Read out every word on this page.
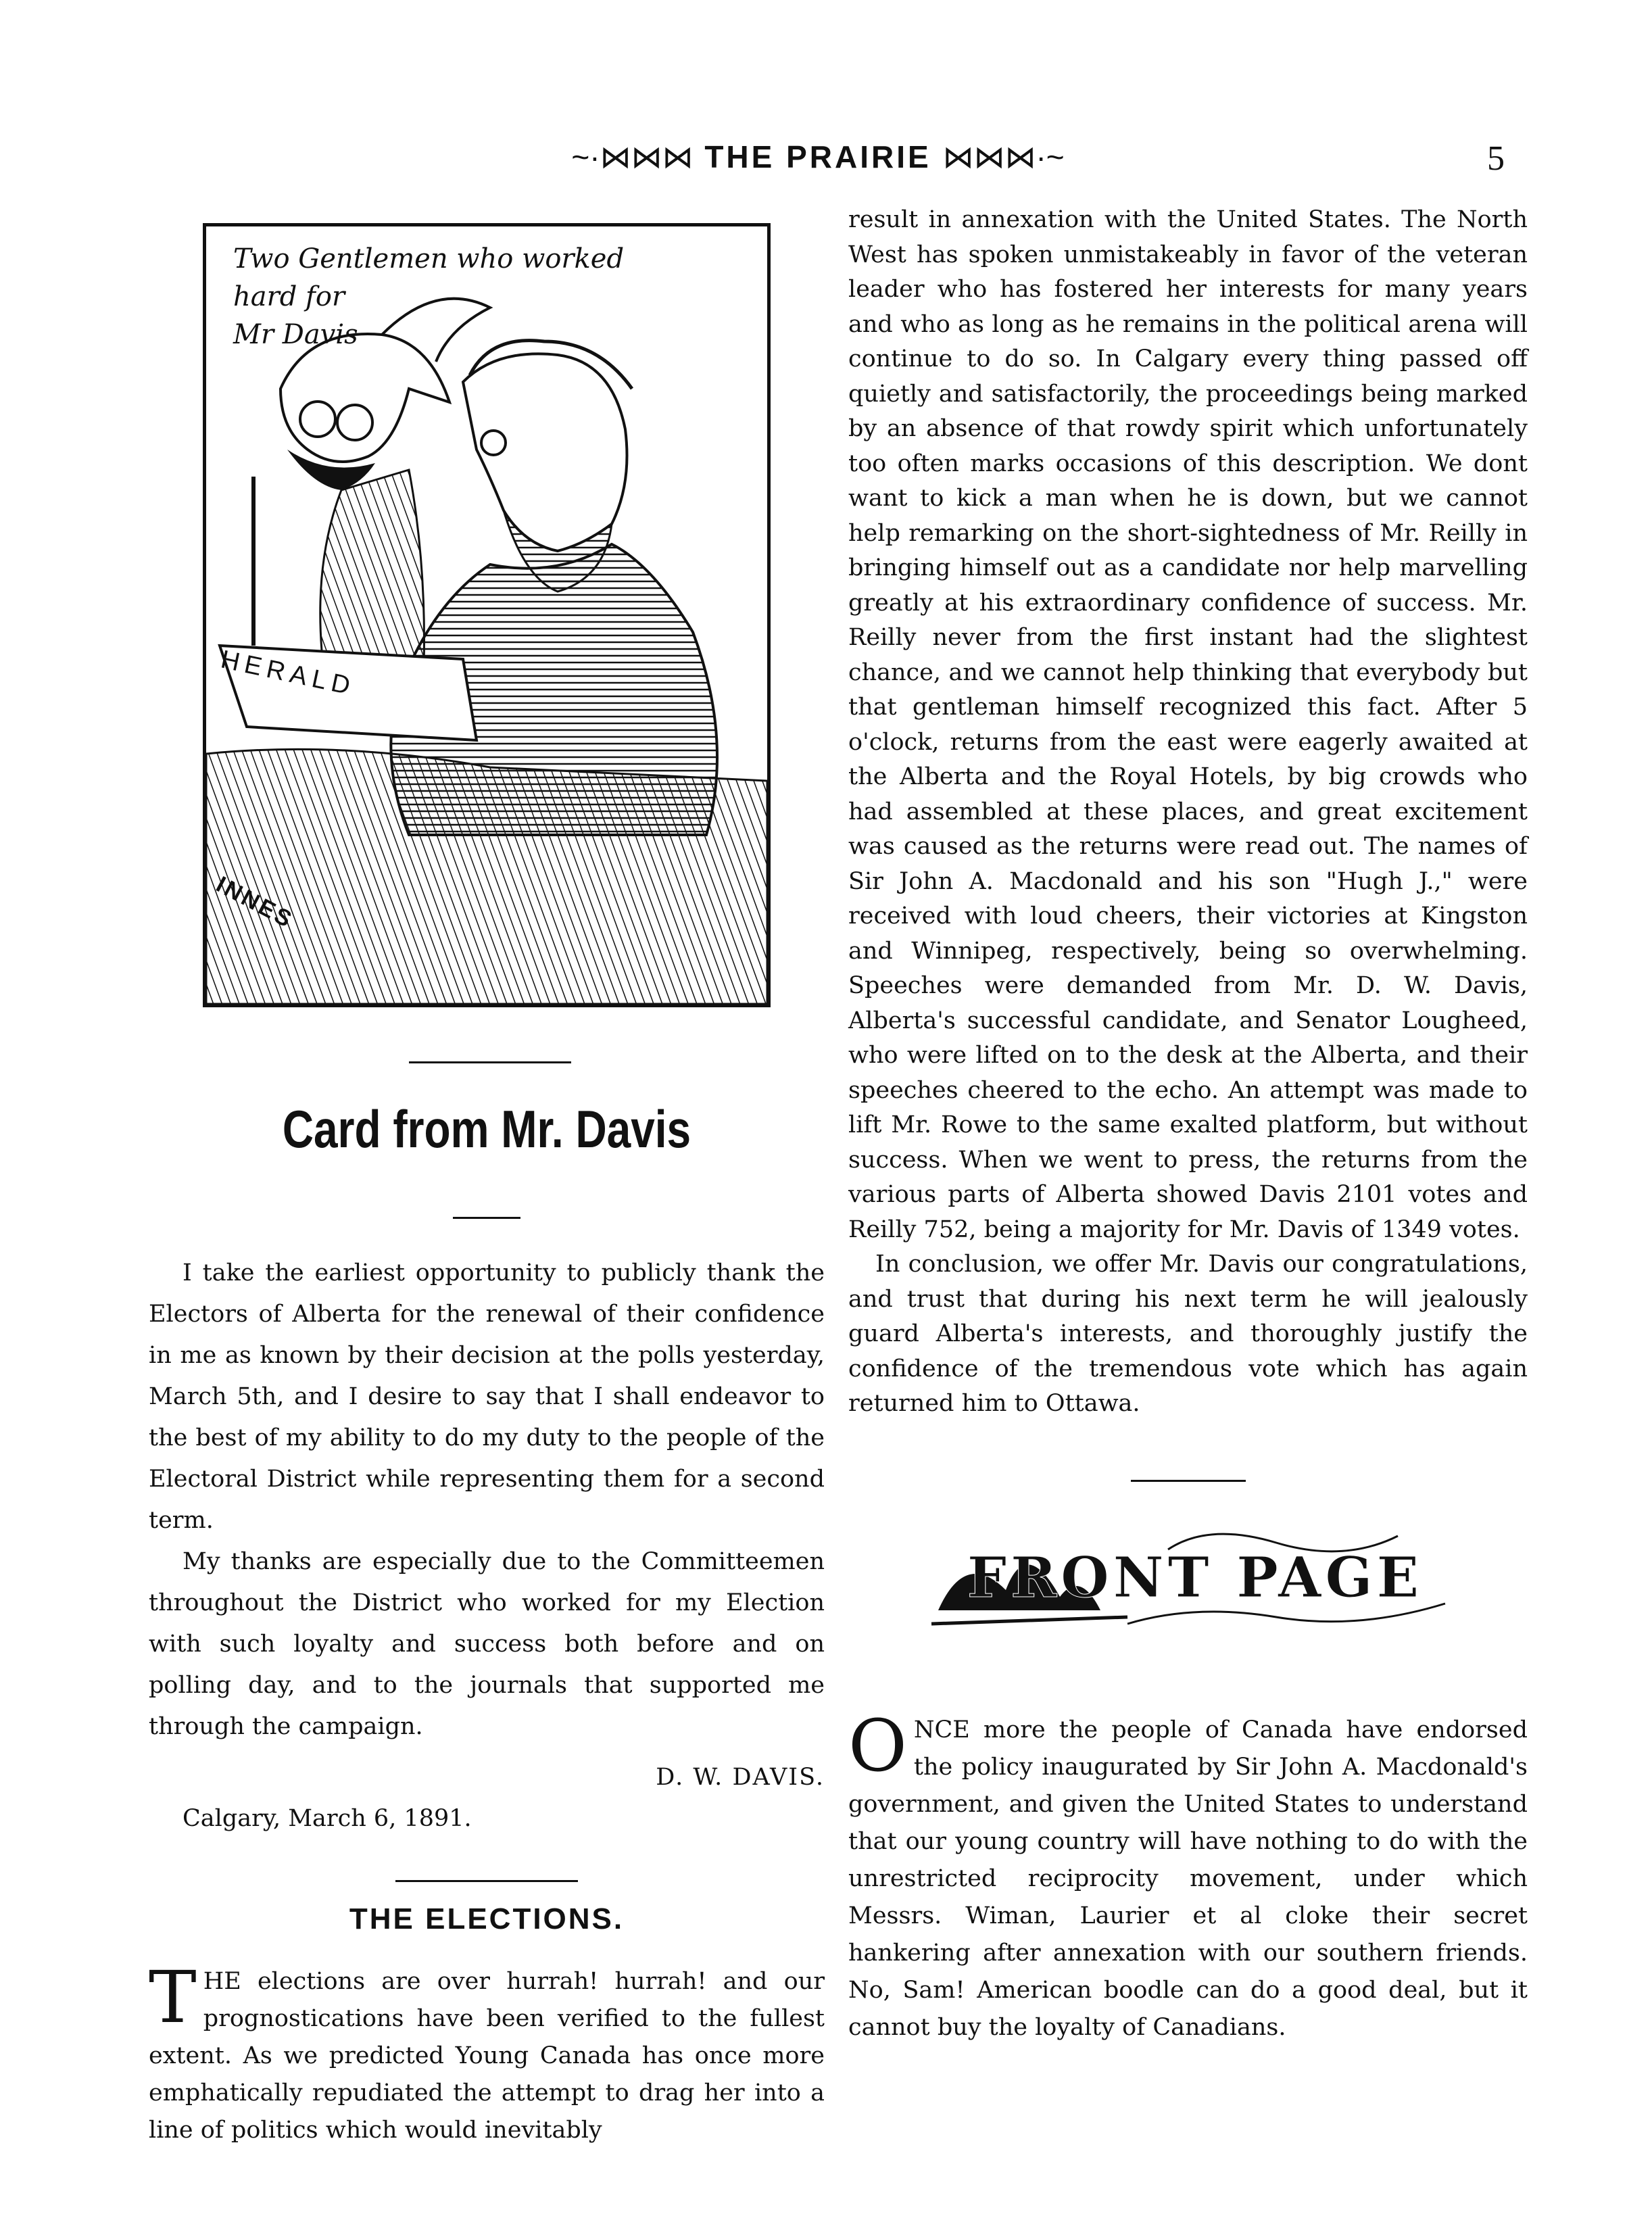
~·⋈⋈⋈ THE PRAIRIE ⋈⋈⋈·~	5
Two Gentlemen who worked
hard for
Mr Davis
HERALD
INNES
Card from Mr. Davis

I take the earliest opportunity to publicly thank the Electors of Alberta for the renewal of their confidence in me as known by their decision at the polls yesterday, March 5th, and I desire to say that I shall endeavor to the best of my ability to do my duty to the people of the Electoral District while representing them for a second term.

My thanks are especially due to the Committeemen throughout the District who worked for my Election with such loyalty and success both before and on polling day, and to the journals that supported me through the campaign.

D. W. DAVIS.

Calgary, March 6, 1891.

THE ELECTIONS.

THE elections are over hurrah! hurrah! and our prognostications have been verified to the fullest extent. As we predicted Young Canada has once more emphatically repudiated the attempt to drag her into a line of politics which would inevitably

result in annexation with the United States. The North West has spoken unmistakeably in favor of the veteran leader who has fostered her interests for many years and who as long as he remains in the political arena will continue to do so. In Calgary every thing passed off quietly and satisfactorily, the proceedings being marked by an absence of that rowdy spirit which unfortunately too often marks occasions of this description. We dont want to kick a man when he is down, but we cannot help remarking on the short-sightedness of Mr. Reilly in bringing himself out as a candidate nor help marvelling greatly at his extraordinary confidence of success. Mr. Reilly never from the first instant had the slightest chance, and we cannot help thinking that everybody but that gentleman himself recognized this fact. After 5 o'clock, returns from the east were eagerly awaited at the Alberta and the Royal Hotels, by big crowds who had assembled at these places, and great excitement was caused as the returns were read out. The names of Sir John A. Macdonald and his son "Hugh J.," were received with loud cheers, their victories at Kingston and Winnipeg, respectively, being so overwhelming. Speeches were demanded from Mr. D. W. Davis, Alberta's successful candidate, and Senator Lougheed, who were lifted on to the desk at the Alberta, and their speeches cheered to the echo. An attempt was made to lift Mr. Rowe to the same exalted platform, but without success. When we went to press, the returns from the various parts of Alberta showed Davis 2101 votes and Reilly 752, being a majority for Mr. Davis of 1349 votes.

In conclusion, we offer Mr. Davis our congratulations, and trust that during his next term he will jealously guard Alberta's interests, and thoroughly justify the confidence of the tremendous vote which has again returned him to Ottawa.

FRONT PAGE

ONCE more the people of Canada have endorsed the policy inaugurated by Sir John A. Macdonald's government, and given the United States to understand that our young country will have nothing to do with the unrestricted reciprocity movement, under which Messrs. Wiman, Laurier et al cloke their secret hankering after annexation with our southern friends. No, Sam! American boodle can do a good deal, but it cannot buy the loyalty of Canadians.
